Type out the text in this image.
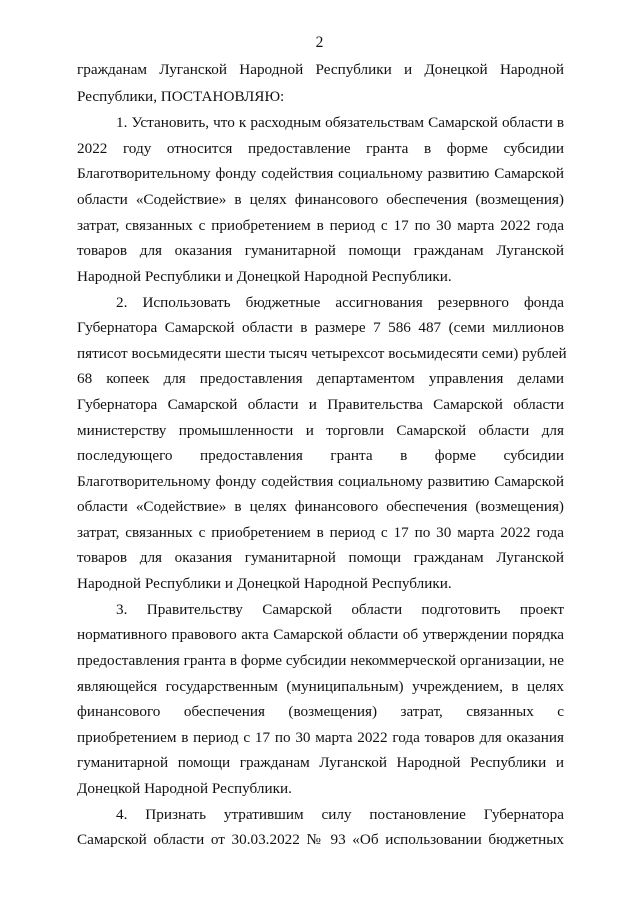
2
гражданам Луганской Народной Республики и Донецкой Народной
Республики, ПОСТАНОВЛЯЮ:
1. Установить, что к расходным обязательствам Самарской области в
2022 году относится предоставление гранта в форме субсидии
Благотворительному фонду содействия социальному развитию Самарской
области «Содействие» в целях финансового обеспечения (возмещения)
затрат, связанных с приобретением в период с 17 по 30 марта 2022 года
товаров для оказания гуманитарной помощи гражданам Луганской
Народной Республики и Донецкой Народной Республики.
2. Использовать бюджетные ассигнования резервного фонда
Губернатора Самарской области в размере 7 586 487 (семи миллионов
пятисот восьмидесяти шести тысяч четырехсот восьмидесяти семи) рублей
68 копеек для предоставления департаментом управления делами
Губернатора Самарской области и Правительства Самарской области
министерству промышленности и торговли Самарской области для
последующего предоставления гранта в форме субсидии
Благотворительному фонду содействия социальному развитию Самарской
области «Содействие» в целях финансового обеспечения (возмещения)
затрат, связанных с приобретением в период с 17 по 30 марта 2022 года
товаров для оказания гуманитарной помощи гражданам Луганской
Народной Республики и Донецкой Народной Республики.
3. Правительству Самарской области подготовить проект
нормативного правового акта Самарской области об утверждении порядка
предоставления гранта в форме субсидии некоммерческой организации, не
являющейся государственным (муниципальным) учреждением, в целях
финансового обеспечения (возмещения) затрат, связанных с
приобретением в период с 17 по 30 марта 2022 года товаров для оказания
гуманитарной помощи гражданам Луганской Народной Республики и
Донецкой Народной Республики.
4. Признать утратившим силу постановление Губернатора
Самарской области от 30.03.2022 № 93 «Об использовании бюджетных
